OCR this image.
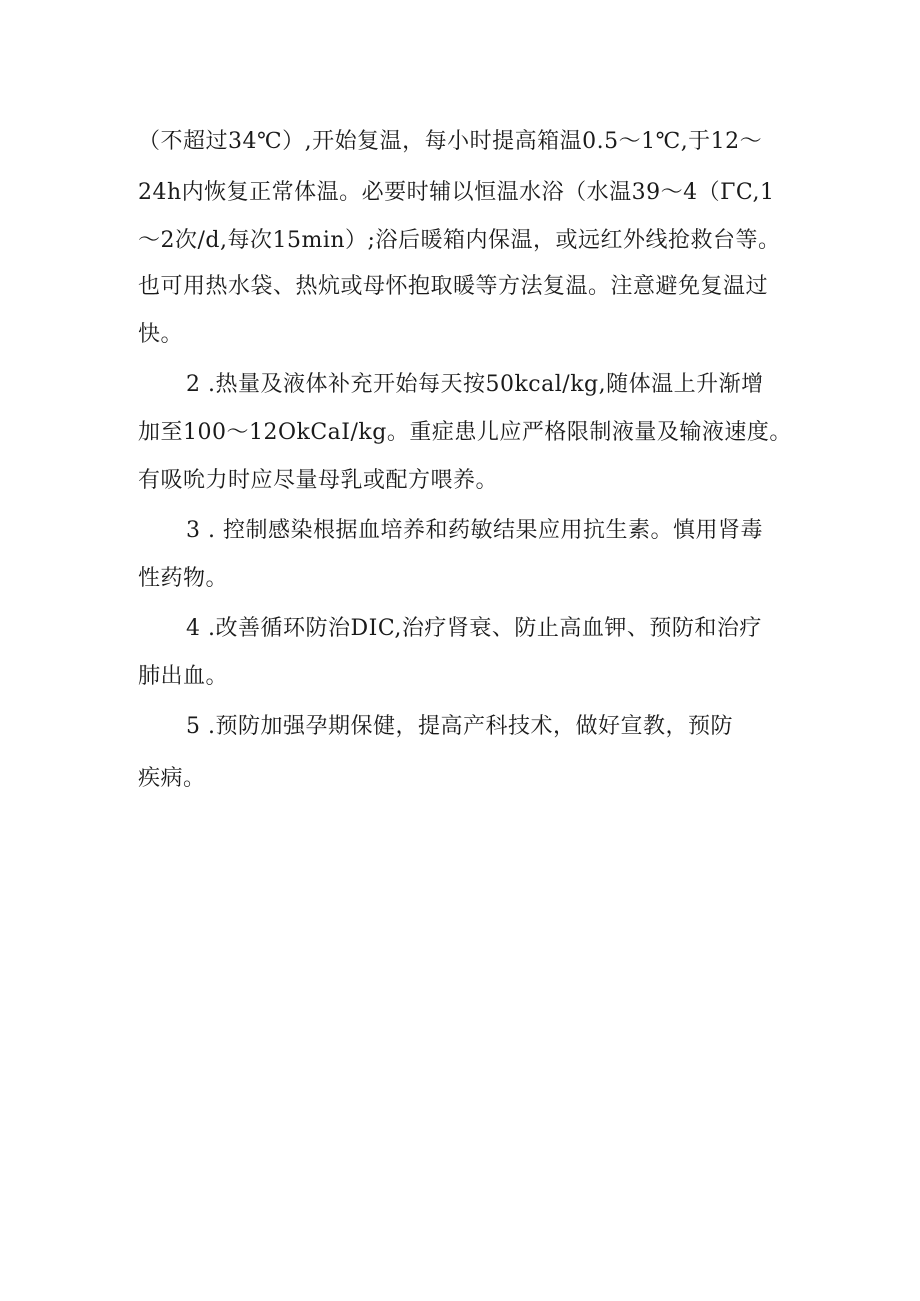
（不超过34℃）,开始复温，每小时提高箱温0.5～1℃,于12～
24h内恢复正常体温。必要时辅以恒温水浴（水温39～4（ΓC,1
～2次/d,每次15min）;浴后暖箱内保温，或远红外线抢救台等。
也可用热水袋、热炕或母怀抱取暖等方法复温。注意避免复温过
快。
2 .热量及液体补充开始每天按50kcal/kg,随体温上升渐增
加至100～12OkCaI/kg。重症患儿应严格限制液量及输液速度。
有吸吮力时应尽量母乳或配方喂养。
3 . 控制感染根据血培养和药敏结果应用抗生素。慎用肾毒
性药物。
4 .改善循环防治DIC,治疗肾衰、防止高血钾、预防和治疗
肺出血。
5 .预防加强孕期保健，提高产科技术，做好宣教，预防
疾病。
